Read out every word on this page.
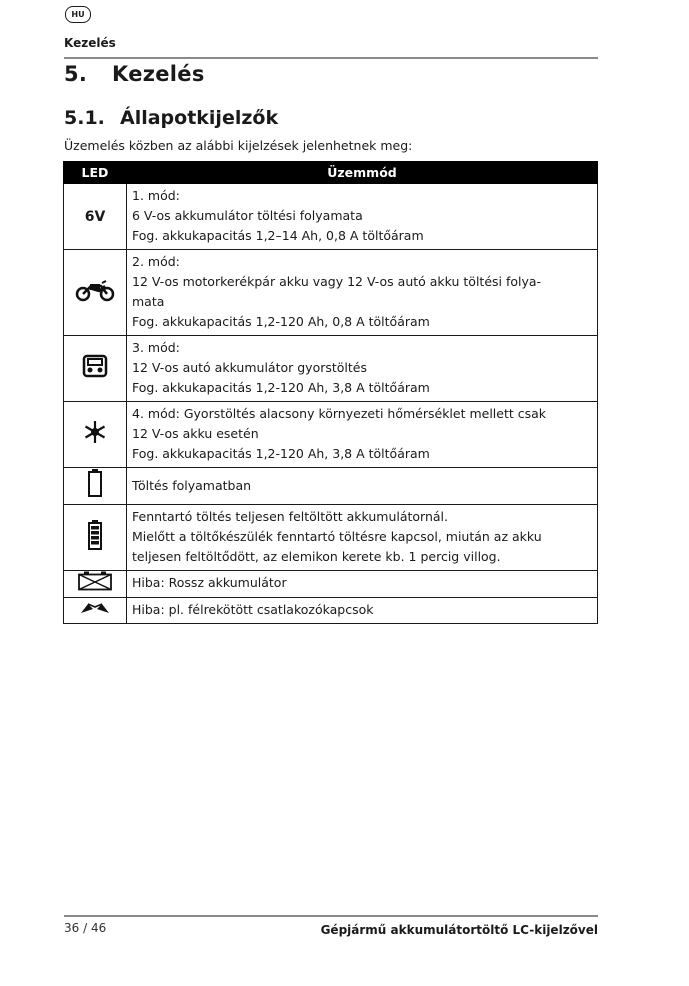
HU
Kezelés
5. Kezelés
5.1. Állapotkijelzők
Üzemelés közben az alábbi kijelzések jelenhetnek meg:
LED	Üzemmód
6V	1. mód:
6 V-os akkumulátor töltési folyamata
Fog. akkukapacitás 1,2–14 Ah, 0,8 A töltőáram

2. mód:
12 V-os motorkerékpár akku vagy 12 V-os autó akku töltési folya-
mata
Fog. akkukapacitás 1,2-120 Ah, 0,8 A töltőáram

3. mód:
12 V-os autó akkumulátor gyorstöltés
Fog. akkukapacitás 1,2-120 Ah, 3,8 A töltőáram

4. mód: Gyorstöltés alacsony környezeti hőmérséklet mellett csak
12 V-os akku esetén
Fog. akkukapacitás 1,2-120 Ah, 3,8 A töltőáram

Töltés folyamatban

Fenntartó töltés teljesen feltöltött akkumulátornál.
Mielőtt a töltőkészülék fenntartó töltésre kapcsol, miután az akku
teljesen feltöltődött, az elemikon kerete kb. 1 percig villog.

Hiba: Rossz akkumulátor

Hiba: pl. félrekötött csatlakozókapcsok
36 / 46	Gépjármű akkumulátortöltő LC-kijelzővel
